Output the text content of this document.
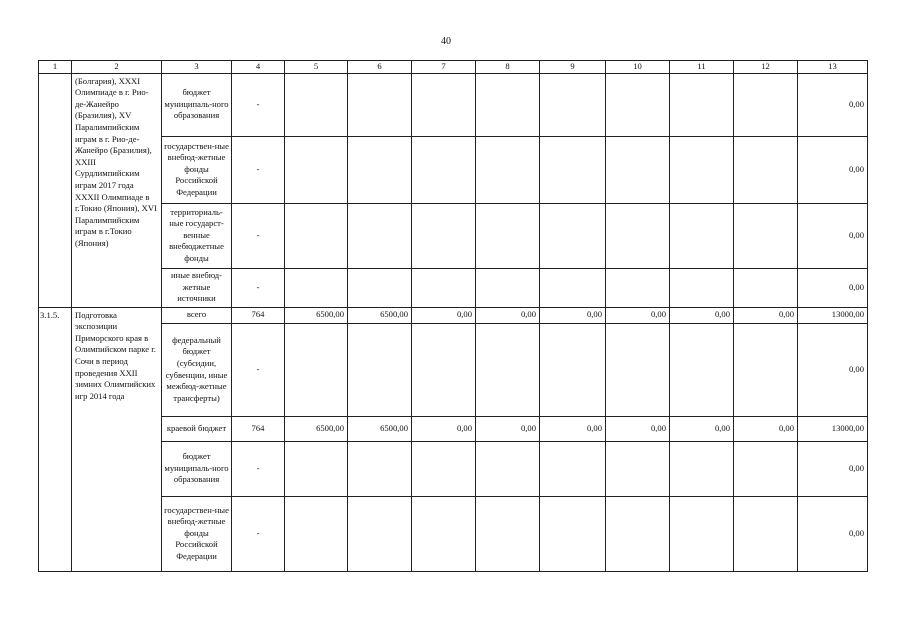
40
1	2	3	4	5	6	7	8	9	10	11	12	13
	(Болгария), XXXI Олимпиаде в г. Рио-де-Жанейро (Бразилия), XV Паралимпийским играм в г. Рио-де-Жанейро (Бразилия), XXIII Сурдлимпийским играм 2017 года XXXII Олимпиаде в г.Токио (Япония), XVI Паралимпийским играм в г.Токио (Япония)	бюджет муниципаль-ного образования	-									0,00
		государствен-ные внебюд-жетные фонды Российской Федерации	-									0,00
		территориаль-ные государст-венные внебюджетные фонды	-									0,00
		иные внебюд-жетные источники	-									0,00
3.1.5.	Подготовка экспозиции Приморского края в Олимпийском парке г. Сочи в период проведения XXII зимних Олимпийских игр 2014 года	всего	764	6500,00	6500,00	0,00	0,00	0,00	0,00	0,00	0,00	13000,00
		федеральный бюджет (субсидии, субвенции, иные межбюд-жетные трансферты)	-									0,00
		краевой бюджет	764	6500,00	6500,00	0,00	0,00	0,00	0,00	0,00	0,00	13000,00
		бюджет муниципаль-ного образования	-									0,00
		государствен-ные внебюд-жетные фонды Российской Федерации	-									0,00
